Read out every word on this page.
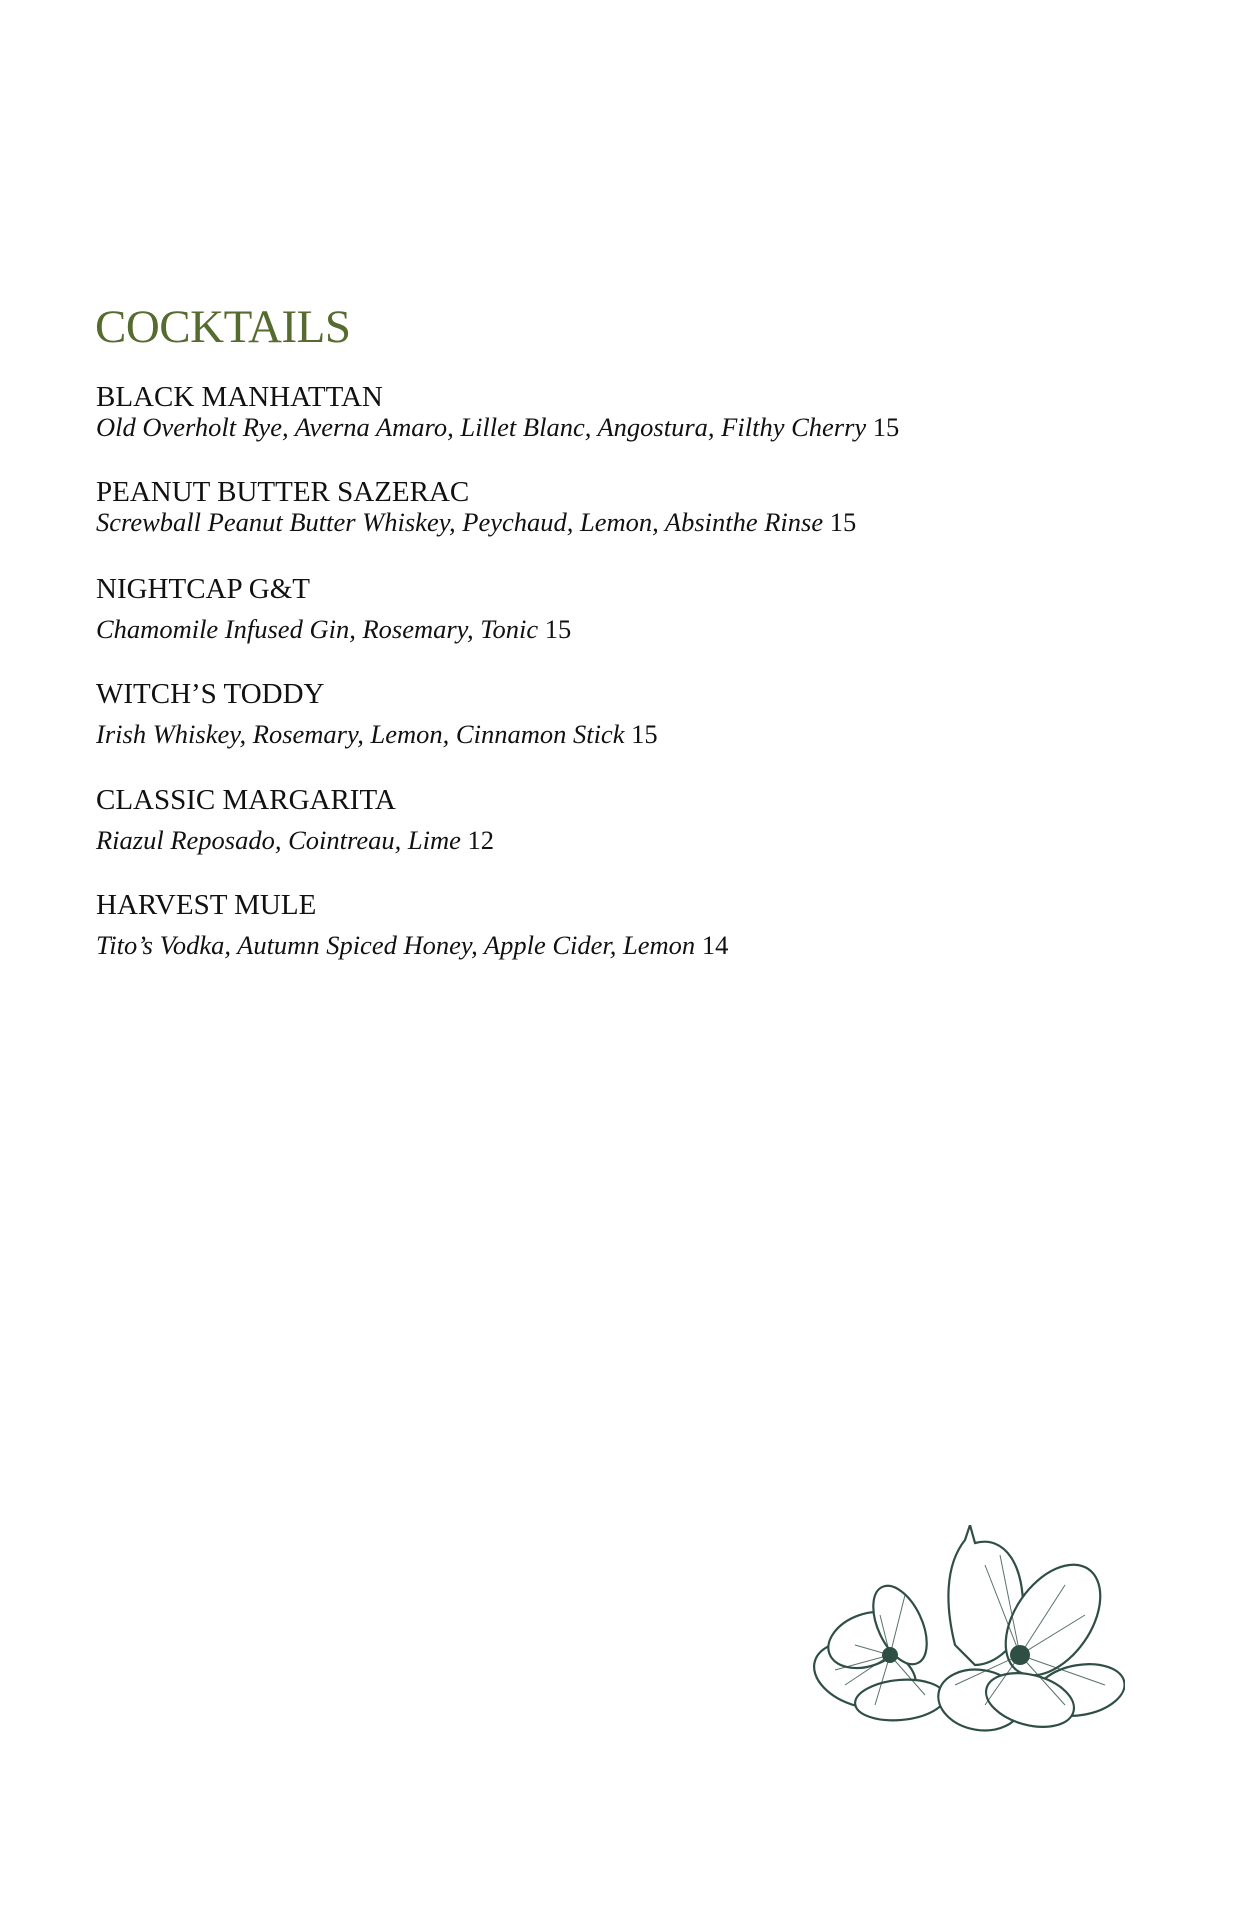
COCKTAILS
BLACK MANHATTAN
Old Overholt Rye, Averna Amaro, Lillet Blanc, Angostura, Filthy Cherry 15
PEANUT BUTTER SAZERAC
Screwball Peanut Butter Whiskey, Peychaud, Lemon, Absinthe Rinse 15
NIGHTCAP G&T
Chamomile Infused Gin, Rosemary, Tonic 15
WITCH’S TODDY
Irish Whiskey, Rosemary, Lemon, Cinnamon Stick 15
CLASSIC MARGARITA
Riazul Reposado, Cointreau, Lime 12
HARVEST MULE
Tito’s Vodka, Autumn Spiced Honey, Apple Cider, Lemon 14
